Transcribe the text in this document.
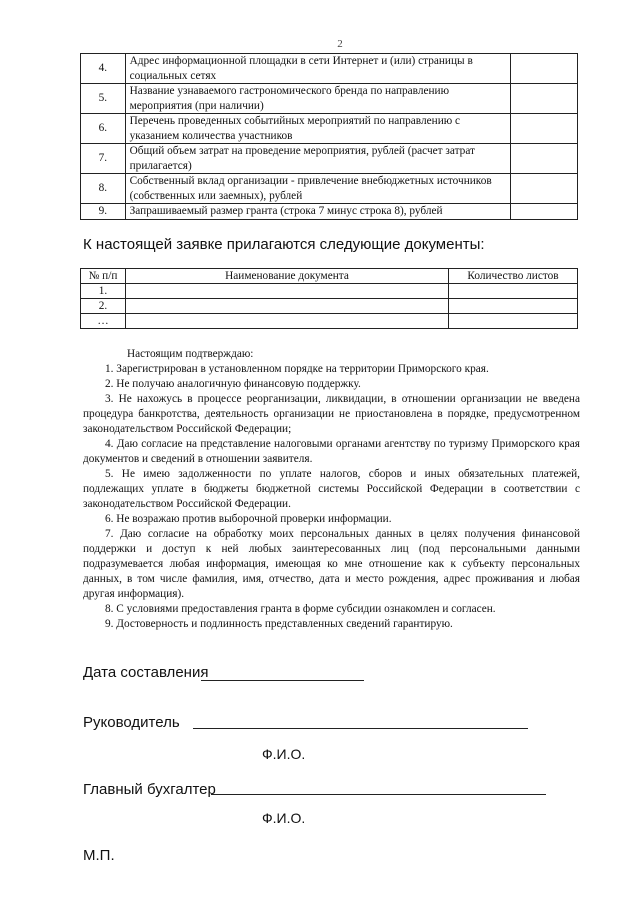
2
4.	Адрес информационной площадки в сети Интернет и (или) страницы в социальных сетях	
5.	Название узнаваемого гастрономического бренда по направлению мероприятия (при наличии)	
6.	Перечень проведенных событийных мероприятий по направлению с указанием количества участников	
7.	Общий объем затрат на проведение мероприятия, рублей (расчет затрат прилагается)	
8.	Собственный вклад организации - привлечение внебюджетных источников (собственных или заемных), рублей	
9.	Запрашиваемый размер гранта (строка 7 минус строка 8), рублей	
К настоящей заявке прилагаются следующие документы:
№ п/п	Наименование документа	Количество листов
1.		
2.		
…		

Настоящим подтверждаю:

1. Зарегистрирован в установленном порядке на территории Приморского края.

2. Не получаю аналогичную финансовую поддержку.

3. Не нахожусь в процессе реорганизации, ликвидации, в отношении организации не введена процедура банкротства, деятельность организации не приостановлена в порядке, предусмотренном законодательством Российской Федерации;

4. Даю согласие на представление налоговыми органами агентству по туризму Приморского края документов и сведений в отношении заявителя.

5. Не имею задолженности по уплате налогов, сборов и иных обязательных платежей, подлежащих уплате в бюджеты бюджетной системы Российской Федерации в соответствии с законодательством Российской Федерации.

6. Не возражаю против выборочной проверки информации.

7. Даю согласие на обработку моих персональных данных в целях получения финансовой поддержки и доступ к ней любых заинтересованных лиц (под персональными данными подразумевается любая информация, имеющая ко мне отношение как к субъекту персональных данных, в том числе фамилия, имя, отчество, дата и место рождения, адрес проживания и любая другая информация).

8. С условиями предоставления гранта в форме субсидии ознакомлен и согласен.

9. Достоверность и подлинность представленных сведений гарантирую.

Дата составления
Руководитель
Ф.И.О.
Главный бухгалтер
Ф.И.О.
М.П.
